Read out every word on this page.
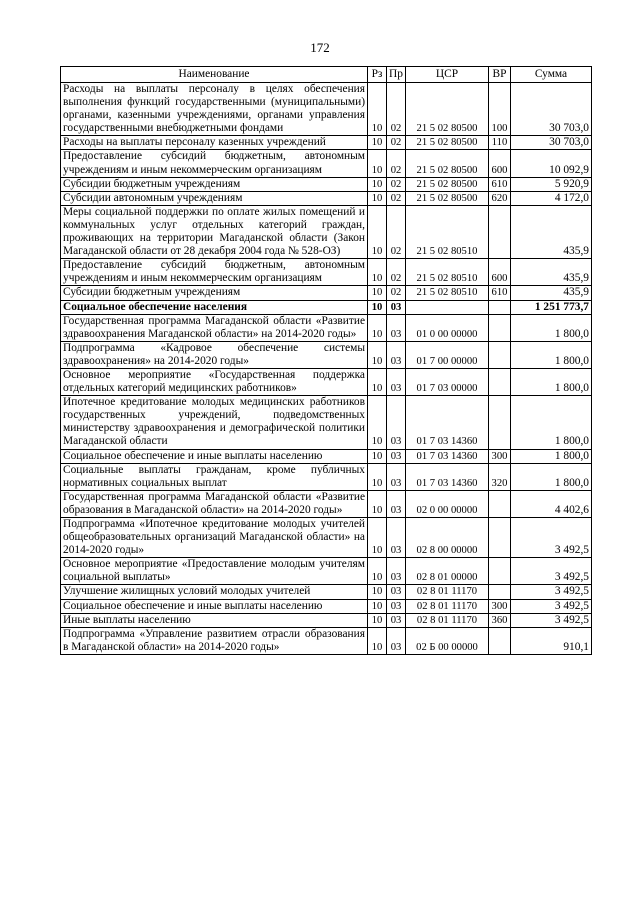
172
Наименование	Рз	Пр	ЦСР	ВР	Сумма
Расходы на выплаты персоналу в целях обеспечения выполнения функций государственными (муниципальными) органами, казенными учреждениями, органами управления государственными внебюджетными фондами	10	02	21 5 02 80500	100	30 703,0
Расходы на выплаты персоналу казенных учреждений	10	02	21 5 02 80500	110	30 703,0
Предоставление субсидий бюджетным, автономным учреждениям и иным некоммерческим организациям	10	02	21 5 02 80500	600	10 092,9
Субсидии бюджетным учреждениям	10	02	21 5 02 80500	610	5 920,9
Субсидии автономным учреждениям	10	02	21 5 02 80500	620	4 172,0
Меры социальной поддержки по оплате жилых помещений и коммунальных услуг отдельных категорий граждан, проживающих на территории Магаданской области (Закон Магаданской области от 28 декабря 2004 года № 528-ОЗ)	10	02	21 5 02 80510		435,9
Предоставление субсидий бюджетным, автономным учреждениям и иным некоммерческим организациям	10	02	21 5 02 80510	600	435,9
Субсидии бюджетным учреждениям	10	02	21 5 02 80510	610	435,9
Социальное обеспечение населения	10	03			1 251 773,7
Государственная программа Магаданской области «Развитие здравоохранения Магаданской области» на 2014-2020 годы»	10	03	01 0 00 00000		1 800,0
Подпрограмма «Кадровое обеспечение системы здравоохранения» на 2014-2020 годы»	10	03	01 7 00 00000		1 800,0
Основное мероприятие «Государственная поддержка отдельных категорий медицинских работников»	10	03	01 7 03 00000		1 800,0
Ипотечное кредитование молодых медицинских работников государственных учреждений, подведомственных министерству здравоохранения и демографической политики Магаданской области	10	03	01 7 03 14360		1 800,0
Социальное обеспечение и иные выплаты населению	10	03	01 7 03 14360	300	1 800,0
Социальные выплаты гражданам, кроме публичных нормативных социальных выплат	10	03	01 7 03 14360	320	1 800,0
Государственная программа Магаданской области «Развитие образования в Магаданской области» на 2014-2020 годы»	10	03	02 0 00 00000		4 402,6
Подпрограмма «Ипотечное кредитование молодых учителей общеобразовательных организаций Магаданской области» на 2014-2020 годы»	10	03	02 8 00 00000		3 492,5
Основное мероприятие «Предоставление молодым учителям социальной выплаты»	10	03	02 8 01 00000		3 492,5
Улучшение жилищных условий молодых учителей	10	03	02 8 01 11170		3 492,5
Социальное обеспечение и иные выплаты населению	10	03	02 8 01 11170	300	3 492,5
Иные выплаты населению	10	03	02 8 01 11170	360	3 492,5
Подпрограмма «Управление развитием отрасли образования в Магаданской области» на 2014-2020 годы»	10	03	02 Б 00 00000		910,1
